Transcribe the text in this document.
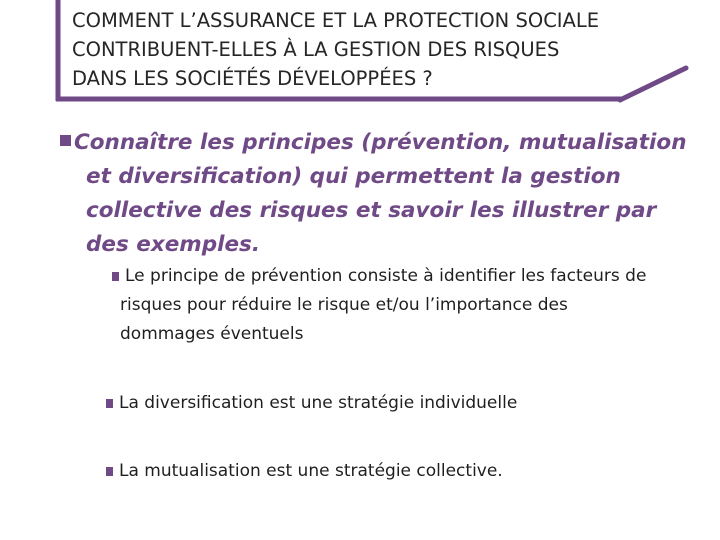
COMMENT L’ASSURANCE ET LA PROTECTION SOCIALE
CONTRIBUENT-ELLES À LA GESTION DES RISQUES
DANS LES SOCIÉTÉS DÉVELOPPÉES ?
Connaître les principes (prévention, mutualisation et diversification) qui permettent la gestion collective des risques et savoir les illustrer par des exemples.
Le principe de prévention consiste à identifier les facteurs de risques pour réduire le risque et/ou l’importance des dommages éventuels
La diversification est une stratégie individuelle
La mutualisation est une stratégie collective.
